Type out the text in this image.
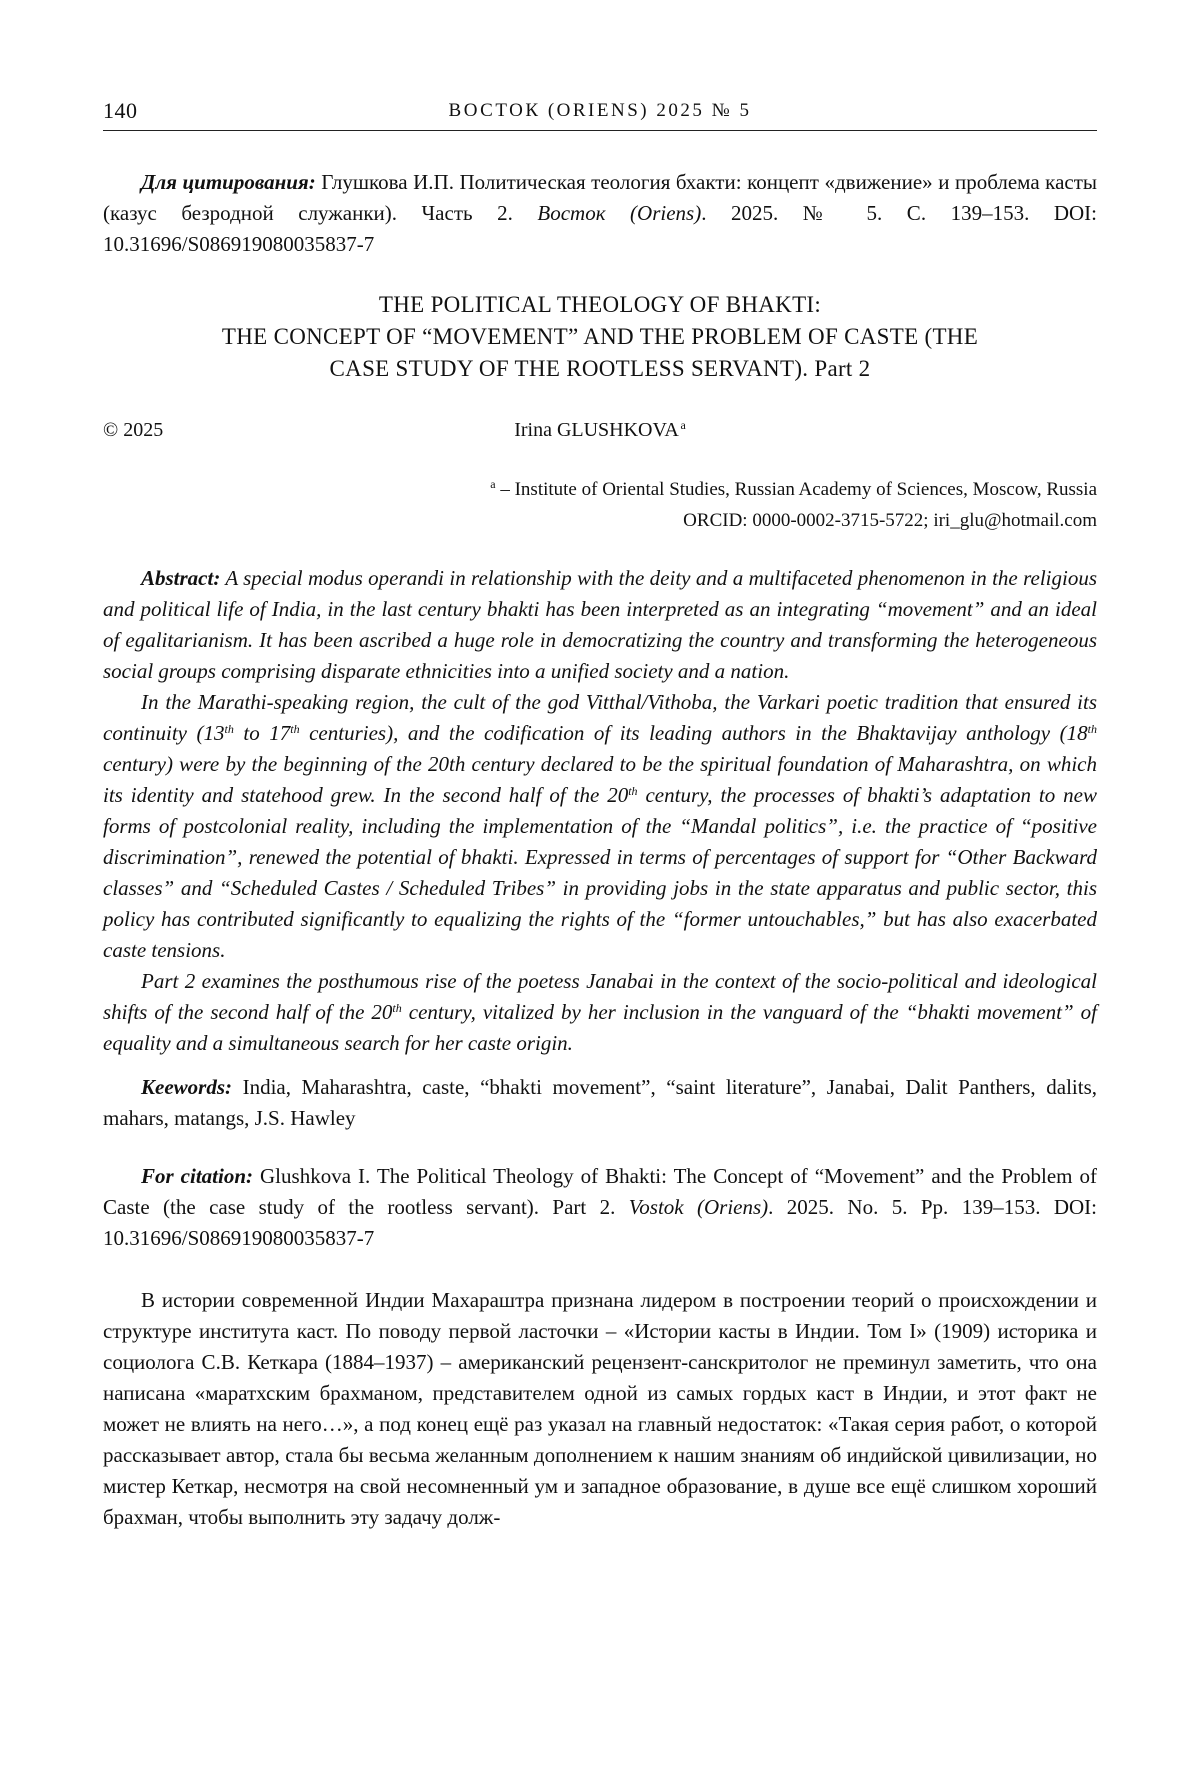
140	ВОСТОК (ORIENS) 2025 № 5

Для цитирования: Глушкова И.П. Политическая теология бхакти: концепт «движение» и проблема касты (казус безродной служанки). Часть 2. Восток (Oriens). 2025. № 5. С. 139–153. DOI: 10.31696/S086919080035837-7

THE POLITICAL THEOLOGY OF BHAKTI:
THE CONCEPT OF “MOVEMENT” AND THE PROBLEM OF CASTE (THE
CASE STUDY OF THE ROOTLESS SERVANT). Part 2
© 2025	Irina GLUSHKOVA  $^a$
$^a$ – Institute of Oriental Studies, Russian Academy of Sciences, Moscow, Russia
ORCID: 0000-0002-3715-5722; iri_glu@hotmail.com

Abstract: A special modus operandi in relationship with the deity and a multifaceted phenomenon in the religious and political life of India, in the last century bhakti has been interpreted as an integrating “movement” and an ideal of egalitarianism. It has been ascribed a huge role in democratizing the country and transforming the heterogeneous social groups comprising disparate ethnicities into a unified society and a nation.

In the Marathi-speaking region, the cult of the god Vitthal/Vithoba, the Varkari poetic tradition that ensured its continuity (13th to 17th centuries), and the codification of its leading authors in the Bhaktavijay anthology (18th century) were by the beginning of the 20th century declared to be the spiritual foundation of Maharashtra, on which its identity and statehood grew. In the second half of the 20th century, the processes of bhakti’s adaptation to new forms of postcolonial reality, including the implementation of the “Mandal politics”, i.e. the practice of “positive discrimination”, renewed the potential of bhakti. Expressed in terms of percentages of support for “Other Backward classes” and “Scheduled Castes / Scheduled Tribes” in providing jobs in the state apparatus and public sector, this policy has contributed significantly to equalizing the rights of the “former untouchables,” but has also exacerbated caste tensions.

Part 2 examines the posthumous rise of the poetess Janabai in the context of the socio-political and ideological shifts of the second half of the 20th century, vitalized by her inclusion in the vanguard of the “bhakti movement” of equality and a simultaneous search for her caste origin.

Keewords: India, Maharashtra, caste, “bhakti movement”, “saint literature”, Janabai, Dalit Panthers, dalits, mahars, matangs, J.S. Hawley

For citation: Glushkova I. The Political Theology of Bhakti: The Concept of “Movement” and the Problem of Caste (the case study of the rootless servant). Part 2. Vostok (Oriens). 2025. No. 5. Pp. 139–153. DOI: 10.31696/S086919080035837-7

В истории современной Индии Махараштра признана лидером в построении теорий о происхождении и структуре института каст. По поводу первой ласточки – «Истории касты в Индии. Том I» (1909) историка и социолога С.В. Кеткара (1884–1937) – американский рецензент-санскритолог не преминул заметить, что она написана «маратхским брахманом, представителем одной из самых гордых каст в Индии, и этот факт не может не влиять на него…», а под конец ещё раз указал на главный недостаток: «Такая серия работ, о которой рассказывает автор, стала бы весьма желанным дополнением к нашим знаниям об индийской цивилизации, но мистер Кеткар, несмотря на свой несомненный ум и западное образование, в душе все ещё слишком хороший брахман, чтобы выполнить эту задачу долж-
